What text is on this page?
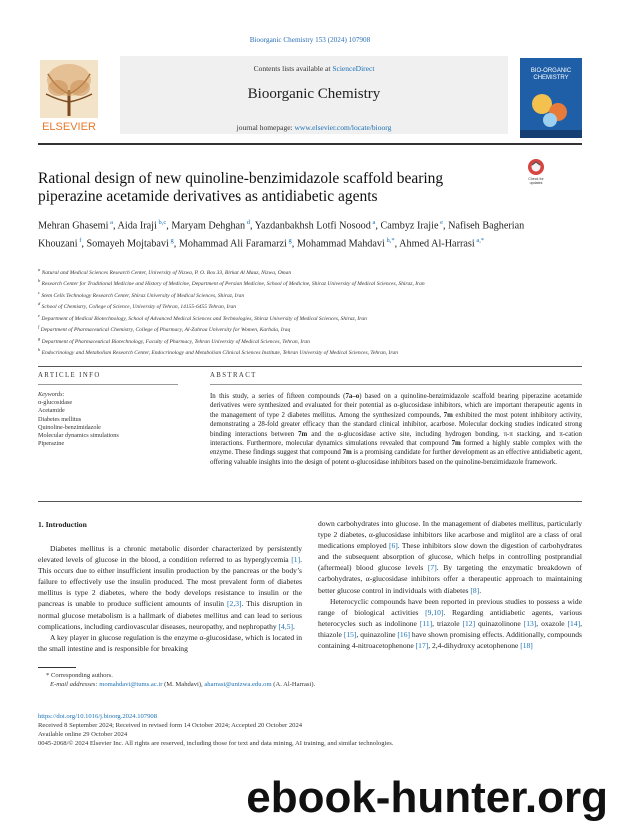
Bioorganic Chemistry 153 (2024) 107908
Contents lists available at ScienceDirect
Bioorganic Chemistry
journal homepage: www.elsevier.com/locate/bioorg
ELSEVIER
BIO-ORGANIC
CHEMISTRY
Rational design of new quinoline-benzimidazole scaffold bearing piperazine acetamide derivatives as antidiabetic agents
Check for
updates
Mehran Ghasemi $^a$, Aida Iraji $^{b,c}$, Maryam Dehghan $^d$, Yazdanbakhsh Lotfi Nosood $^a$, Cambyz Irajie $^e$, Nafiseh Bagherian Khouzani $^f$, Somayeh Mojtabavi $^g$, Mohammad Ali Faramarzi $^g$, Mohammad Mahdavi $^{h,*}$, Ahmed Al-Harrasi $^{a,*}$
$^a$ Natural and Medical Sciences Research Center, University of Nizwa, P. O. Box 33, Birkat Al Mauz, Nizwa, Oman
$^b$ Research Center for Traditional Medicine and History of Medicine, Department of Persian Medicine, School of Medicine, Shiraz University of Medical Sciences, Shiraz, Iran
$^c$ Stem Cells Technology Research Center, Shiraz University of Medical Sciences, Shiraz, Iran
$^d$ School of Chemistry, College of Science, University of Tehran, 14155-6455 Tehran, Iran
$^e$ Department of Medical Biotechnology, School of Advanced Medical Sciences and Technologies, Shiraz University of Medical Sciences, Shiraz, Iran
$^f$ Department of Pharmaceutical Chemistry, College of Pharmacy, Al-Zahraa University for Women, Karbala, Iraq
$^g$ Department of Pharmaceutical Biotechnology, Faculty of Pharmacy, Tehran University of Medical Sciences, Tehran, Iran
$^h$ Endocrinology and Metabolism Research Center, Endocrinology and Metabolism Clinical Sciences Institute, Tehran University of Medical Sciences, Tehran, Iran
ARTICLE INFO
Keywords:
α-glucosidase
Acetamide
Diabetes mellitus
Quinoline-benzimidazole
Molecular dynamics simulations
Piperazine
ABSTRACT
In this study, a series of fifteen compounds (7a–o) based on a quinoline-benzimidazole scaffold bearing piperazine acetamide derivatives were synthesized and evaluated for their potential as α-glucosidase inhibitors, which are important therapeutic agents in the management of type 2 diabetes mellitus. Among the synthesized compounds, 7m exhibited the most potent inhibitory activity, demonstrating a 28-fold greater efficacy than the standard clinical inhibitor, acarbose. Molecular docking studies indicated strong binding interactions between 7m and the α-glucosidase active site, including hydrogen bonding, π-π stacking, and π-cation interactions. Furthermore, molecular dynamics simulations revealed that compound 7m formed a highly stable complex with the enzyme. These findings suggest that compound 7m is a promising candidate for further development as an effective antidiabetic agent, offering valuable insights into the design of potent α-glucosidase inhibitors based on the quinoline-benzimidazole framework.
1. Introduction

Diabetes mellitus is a chronic metabolic disorder characterized by persistently elevated levels of glucose in the blood, a condition referred to as hyperglycemia [1]. This occurs due to either insufficient insulin production by the pancreas or the body’s failure to effectively use the insulin produced. The most prevalent form of diabetes mellitus is type 2 diabetes, where the body develops resistance to insulin or the pancreas is unable to produce sufficient amounts of insulin [2,3]. This disruption in normal glucose metabolism is a hallmark of diabetes mellitus and can lead to serious complications, including cardiovascular diseases, neuropathy, and nephropathy [4,5].

A key player in glucose regulation is the enzyme α-glucosidase, which is located in the small intestine and is responsible for breaking

down carbohydrates into glucose. In the management of diabetes mellitus, particularly type 2 diabetes, α-glucosidase inhibitors like acarbose and miglitol are a class of oral medications employed [6]. These inhibitors slow down the digestion of carbohydrates and the subsequent absorption of glucose, which helps in controlling postprandial (aftermeal) blood glucose levels [7]. By targeting the enzymatic breakdown of carbohydrates, α-glucosidase inhibitors offer a therapeutic approach to maintaining better glucose control in individuals with diabetes [8].

Heterocyclic compounds have been reported in previous studies to possess a wide range of biological activities [9,10]. Regarding antidiabetic agents, various heterocycles such as indolinone [11], triazole [12] quinazolinone [13], oxazole [14], thiazole [15], quinazoline [16] have shown promising effects. Additionally, compounds containing 4-nitroacetophenone [17], 2,4-dihydroxy acetophenone [18]

* Corresponding authors.
E-mail addresses: momahdavi@tums.ac.ir (M. Mahdavi), aharrasi@unizwa.edu.om (A. Al-Harrasi).
https://doi.org/10.1016/j.bioorg.2024.107908
Received 8 September 2024; Received in revised form 14 October 2024; Accepted 20 October 2024
Available online 29 October 2024
0045-2068/© 2024 Elsevier Inc. All rights are reserved, including those for text and data mining, AI training, and similar technologies.
ebook-hunter.org
